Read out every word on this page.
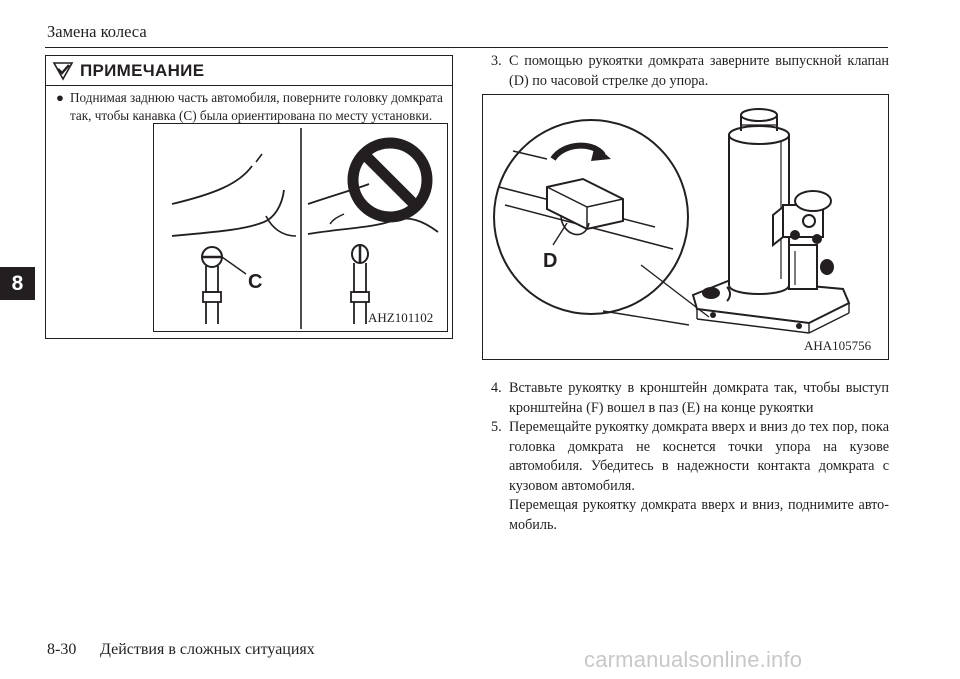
Замена колеса
8
ПРИМЕЧАНИЕ
● Поднимая заднюю часть автомобиля, поверните головку домкрата
так, чтобы канавка (C) была ориентирована по месту установки.
C
AHZ101102
3. С помощью рукоятки домкрата заверните выпускной клапан (D) по часовой стрелке до упора.
D
AHA105756
4. Вставьте рукоятку в кронштейн домкрата так, чтобы выступ кронштейна (F) вошел в паз (E) на конце рукоятки
5. Перемещайте рукоятку домкрата вверх и вниз до тех пор, пока головка домкрата не коснется точки упора на кузове автомобиля. Убедитесь в надежности контакта домкрата с кузовом автомобиля.
Перемещая рукоятку домкрата вверх и вниз, поднимите авто-мобиль.
8-30 Действия в сложных ситуациях	carmanualsonline.info
